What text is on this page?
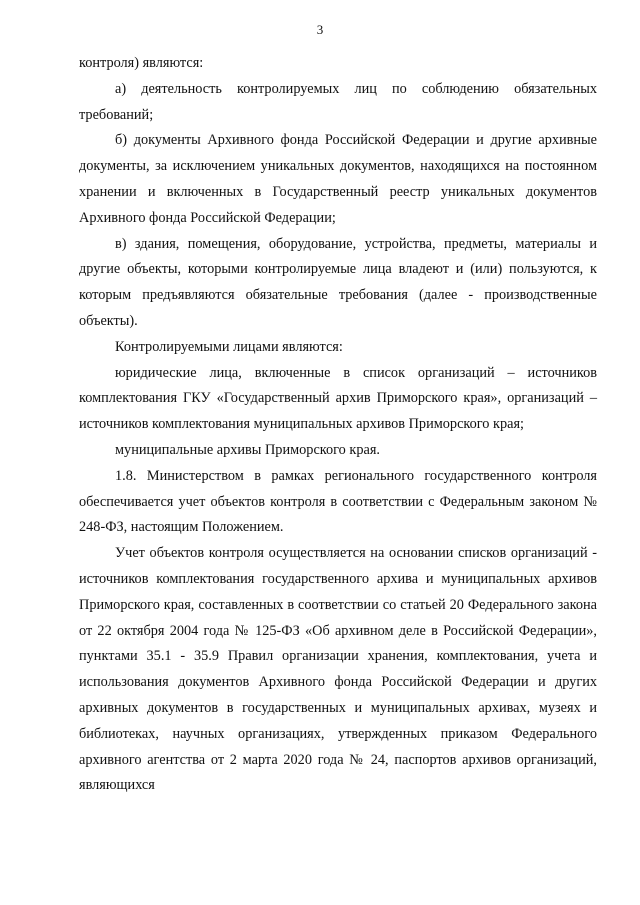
3

контроля) являются:

а) деятельность контролируемых лиц по соблюдению обязательных требований;

б) документы Архивного фонда Российской Федерации и другие архивные документы, за исключением уникальных документов, находящихся на постоянном хранении и включенных в Государственный реестр уникальных документов Архивного фонда Российской Федерации;

в) здания, помещения, оборудование, устройства, предметы, материалы и другие объекты, которыми контролируемые лица владеют и (или) пользуются, к которым предъявляются обязательные требования (далее - производственные объекты).

Контролируемыми лицами являются:

юридические лица, включенные в список организаций – источников комплектования ГКУ «Государственный архив Приморского края», организаций – источников комплектования муниципальных архивов Приморского края;

муниципальные архивы Приморского края.

1.8. Министерством в рамках регионального государственного контроля обеспечивается учет объектов контроля в соответствии с Федеральным законом № 248-ФЗ, настоящим Положением.

Учет объектов контроля осуществляется на основании списков организаций - источников комплектования государственного архива и муниципальных архивов Приморского края, составленных в соответствии со статьей 20 Федерального закона от 22 октября 2004 года № 125-ФЗ «Об архивном деле в Российской Федерации», пунктами 35.1 - 35.9 Правил организации хранения, комплектования, учета и использования документов Архивного фонда Российской Федерации и других архивных документов в государственных и муниципальных архивах, музеях и библиотеках, научных организациях, утвержденных приказом Федерального архивного агентства от 2 марта 2020 года № 24, паспортов архивов организаций, являющихся
